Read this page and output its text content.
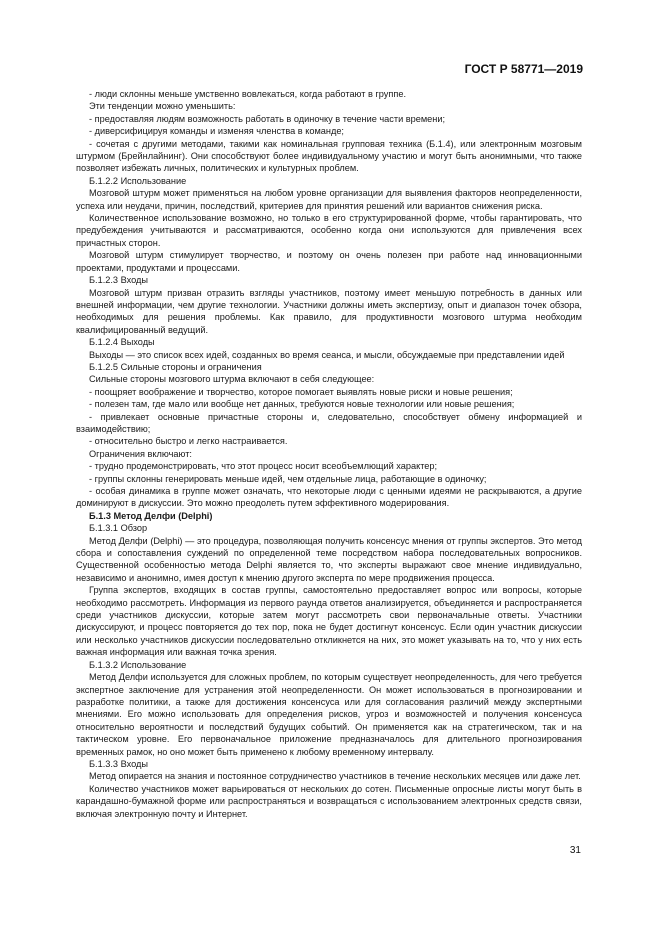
ГОСТ Р 58771—2019

- люди склонны меньше умственно вовлекаться, когда работают в группе.

Эти тенденции можно уменьшить:

- предоставляя людям возможность работать в одиночку в течение части времени;

- диверсифицируя команды и изменяя членства в команде;

- сочетая с другими методами, такими как номинальная групповая техника (Б.1.4), или электронным мозговым штурмом (Брейнлайнинг). Они способствуют более индивидуальному участию и могут быть анонимными, что также позволяет избежать личных, политических и культурных проблем.

Б.1.2.2 Использование

Мозговой штурм может применяться на любом уровне организации для выявления факторов неопределенности, успеха или неудачи, причин, последствий, критериев для принятия решений или вариантов снижения риска.

Количественное использование возможно, но только в его структурированной форме, чтобы гарантировать, что предубеждения учитываются и рассматриваются, особенно когда они используются для привлечения всех причастных сторон.

Мозговой штурм стимулирует творчество, и поэтому он очень полезен при работе над инновационными проектами, продуктами и процессами.

Б.1.2.3 Входы

Мозговой штурм призван отразить взгляды участников, поэтому имеет меньшую потребность в данных или внешней информации, чем другие технологии. Участники должны иметь экспертизу, опыт и диапазон точек обзора, необходимых для решения проблемы. Как правило, для продуктивности мозгового штурма необходим квалифицированный ведущий.

Б.1.2.4 Выходы

Выходы — это список всех идей, созданных во время сеанса, и мысли, обсуждаемые при представлении идей

Б.1.2.5 Сильные стороны и ограничения

Сильные стороны мозгового штурма включают в себя следующее:

- поощряет воображение и творчество, которое помогает выявлять новые риски и новые решения;

- полезен там, где мало или вообще нет данных, требуются новые технологии или новые решения;

- привлекает основные причастные стороны и, следовательно, способствует обмену информацией и взаимодействию;

- относительно быстро и легко настраивается.

Ограничения включают:

- трудно продемонстрировать, что этот процесс носит всеобъемлющий характер;

- группы склонны генерировать меньше идей, чем отдельные лица, работающие в одиночку;

- особая динамика в группе может означать, что некоторые люди с ценными идеями не раскрываются, а другие доминируют в дискуссии. Это можно преодолеть путем эффективного модерирования.

Б.1.3 Метод Делфи (Delphi)

Б.1.3.1 Обзор

Метод Делфи (Delphi) — это процедура, позволяющая получить консенсус мнения от группы экспертов. Это метод сбора и сопоставления суждений по определенной теме посредством набора последовательных вопросников. Существенной особенностью метода Delphi является то, что эксперты выражают свое мнение индивидуально, независимо и анонимно, имея доступ к мнению другого эксперта по мере продвижения процесса.

Группа экспертов, входящих в состав группы, самостоятельно предоставляет вопрос или вопросы, которые необходимо рассмотреть. Информация из первого раунда ответов анализируется, объединяется и распространяется среди участников дискуссии, которые затем могут рассмотреть свои первоначальные ответы. Участники дискуссируют, и процесс повторяется до тех пор, пока не будет достигнут консенсус. Если один участник дискуссии или несколько участников дискуссии последовательно откликнется на них, это может указывать на то, что у них есть важная информация или важная точка зрения.

Б.1.3.2 Использование

Метод Делфи используется для сложных проблем, по которым существует неопределенность, для чего требуется экспертное заключение для устранения этой неопределенности. Он может использоваться в прогнозировании и разработке политики, а также для достижения консенсуса или для согласования различий между экспертными мнениями. Его можно использовать для определения рисков, угроз и возможностей и получения консенсуса относительно вероятности и последствий будущих событий. Он применяется как на стратегическом, так и на тактическом уровне. Его первоначальное приложение предназначалось для длительного прогнозирования временных рамок, но оно может быть применено к любому временному интервалу.

Б.1.3.3 Входы

Метод опирается на знания и постоянное сотрудничество участников в течение нескольких месяцев или даже лет.

Количество участников может варьироваться от нескольких до сотен. Письменные опросные листы могут быть в карандашно-бумажной форме или распространяться и возвращаться с использованием электронных средств связи, включая электронную почту и Интернет.

31
